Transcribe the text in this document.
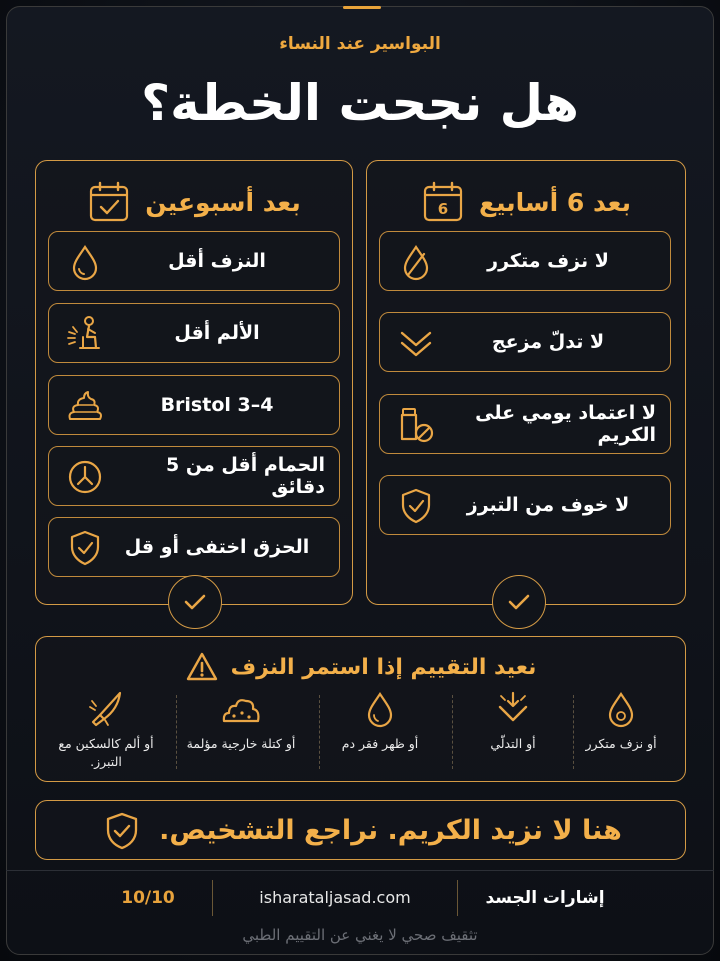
البواسير عند النساء
هل نجحت الخطة؟
بعد أسبوعين
النزف أقل
الألم أقل
Bristol 3–4
الحمام أقل من 5 دقائق
الحزق اختفى أو قل
6 بعد 6 أسابيع
لا نزف متكرر
لا تدلّ مزعج
لا اعتماد يومي على الكريم
لا خوف من التبرز
نعيد التقييم إذا استمر النزف
أو نزف متكرر
أو التدلّي
أو ظهر فقر دم
أو كتلة خارجية مؤلمة
أو ألم كالسكين مع التبرز.
هنا لا نزيد الكريم. نراجع التشخيص.
10/10	isharataljasad.com	إشارات الجسد
تثقيف صحي لا يغني عن التقييم الطبي
